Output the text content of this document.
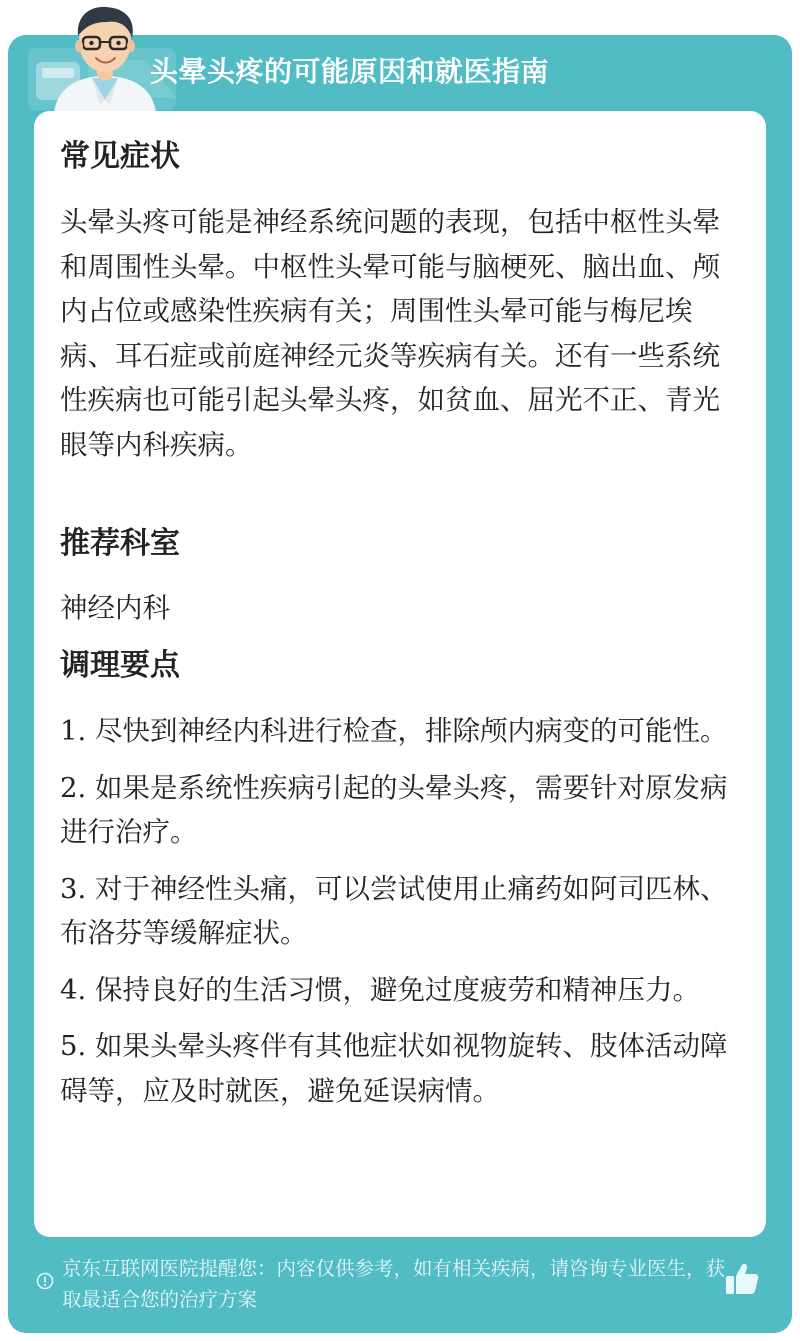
头晕头疼的可能原因和就医指南
常见症状

头晕头疼可能是神经系统问题的表现，包括中枢性头晕和周围性头晕。中枢性头晕可能与脑梗死、脑出血、颅内占位或感染性疾病有关；周围性头晕可能与梅尼埃病、耳石症或前庭神经元炎等疾病有关。还有一些系统性疾病也可能引起头晕头疼，如贫血、屈光不正、青光眼等内科疾病。

推荐科室

神经内科

调理要点
1. 尽快到神经内科进行检查，排除颅内病变的可能性。
2. 如果是系统性疾病引起的头晕头疼，需要针对原发病进行治疗。
3. 对于神经性头痛，可以尝试使用止痛药如阿司匹林、布洛芬等缓解症状。
4. 保持良好的生活习惯，避免过度疲劳和精神压力。
5. 如果头晕头疼伴有其他症状如视物旋转、肢体活动障碍等，应及时就医，避免延误病情。
京东互联网医院提醒您：内容仅供参考，如有相关疾病，请咨询专业医生，获取最适合您的治疗方案
